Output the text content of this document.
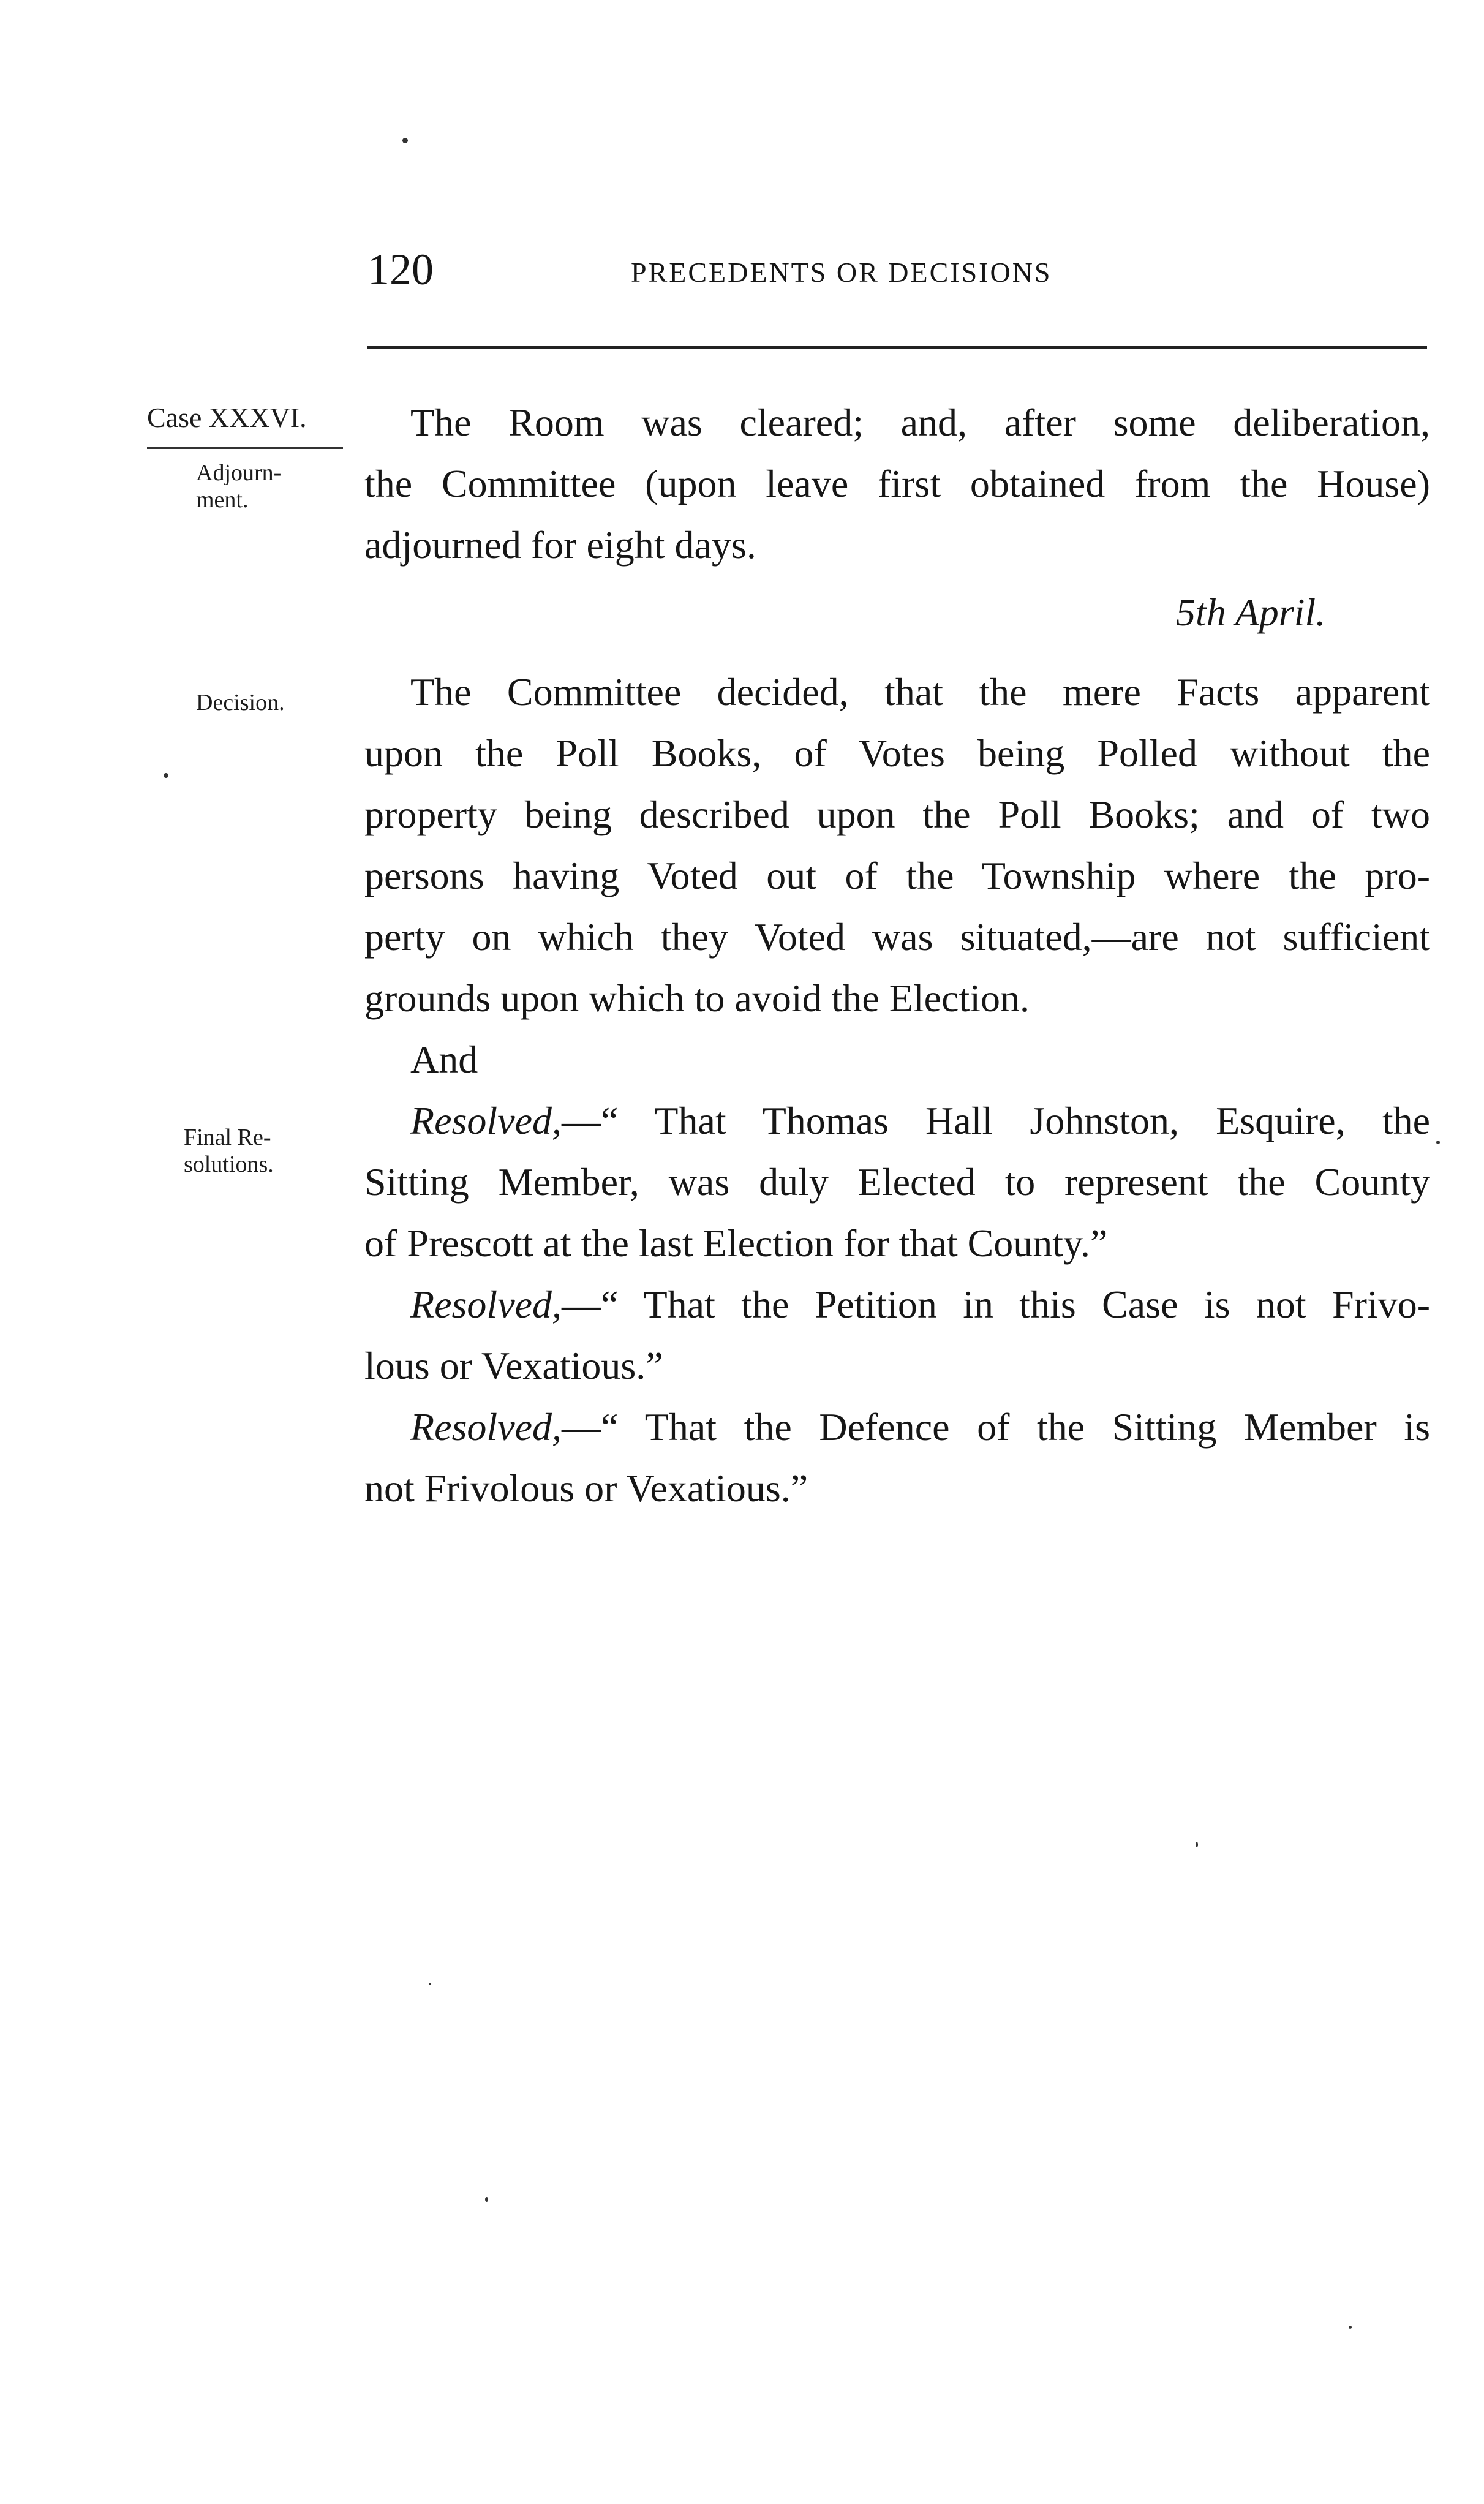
120	PRECEDENTS OR DECISIONS
Case XXXVI.
Adjourn-
ment.
Decision.
Final Re-
solutions.
The Room was cleared; and, after some deliberation,
the Committee (upon leave first obtained from the House)
adjourned for eight days.
5th April.
The Committee decided, that the mere Facts apparent
upon the Poll Books, of Votes being Polled without the
property being described upon the Poll Books; and of two
persons having Voted out of the Township where the pro-
perty on which they Voted was situated,—are not sufficient
grounds upon which to avoid the Election.
And
Resolved,—“ That Thomas Hall Johnston, Esquire, the
Sitting Member, was duly Elected to represent the County
of Prescott at the last Election for that County.”
Resolved,—“ That the Petition in this Case is not Frivo-
lous or Vexatious.”
Resolved,—“ That the Defence of the Sitting Member is
not Frivolous or Vexatious.”
